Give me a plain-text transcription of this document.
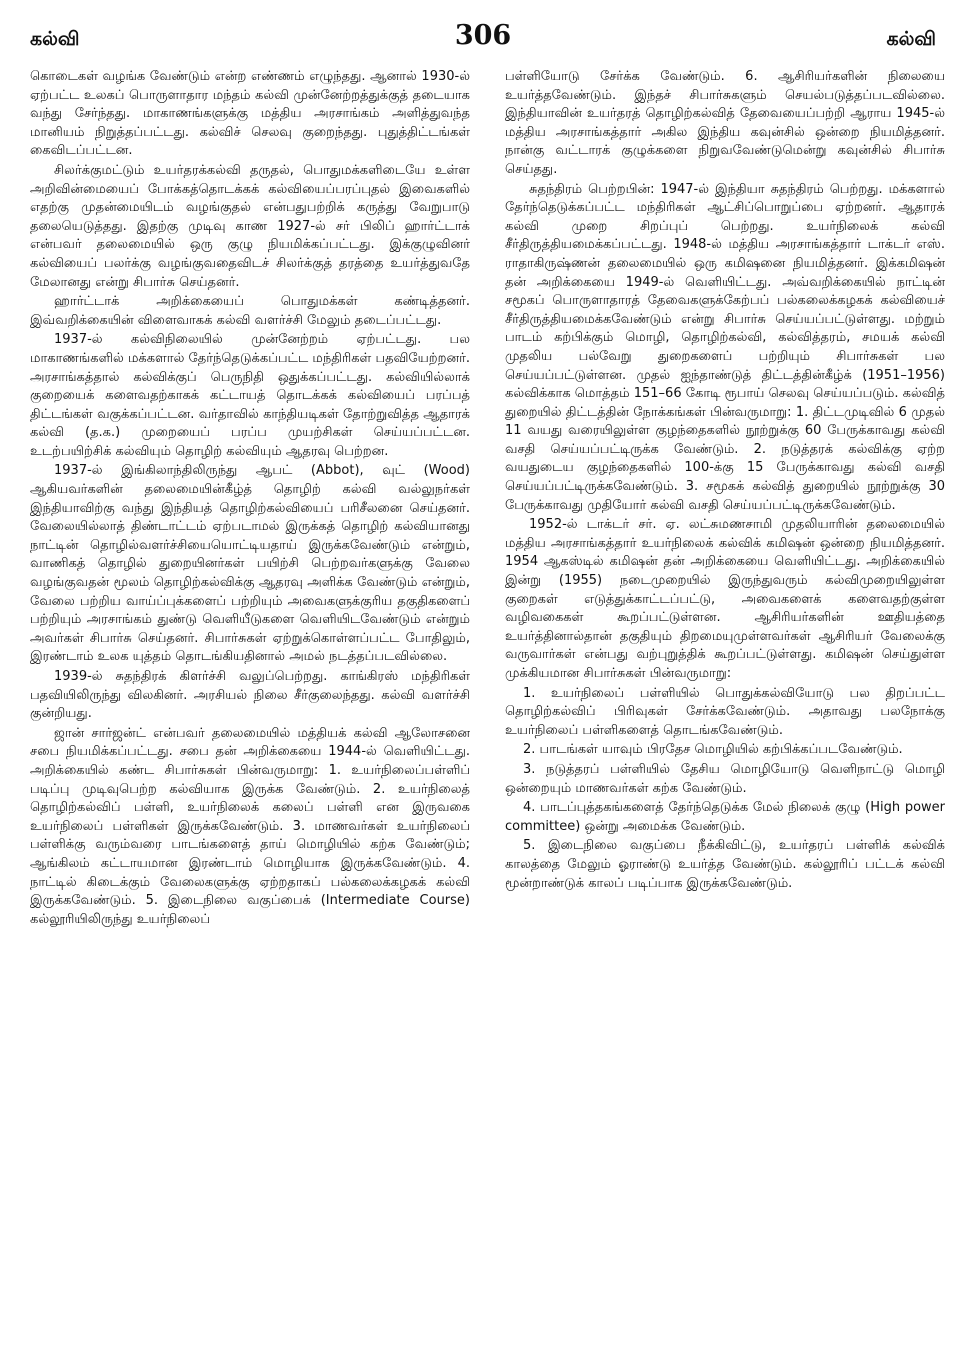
கல்வி	306	கல்வி

கொடைகள் வழங்க வேண்டும் என்ற எண்ணம் எழுந்தது. ஆனால் 1930-ல் ஏற்பட்ட உலகப் பொருளாதார மந்தம் கல்வி முன்னேற்றத்துக்குத் தடையாக வந்து சேர்ந்தது. மாகாணங்களுக்கு மத்திய அரசாங்கம் அளித்துவந்த மானியம் நிறுத்தப்பட்டது. கல்விச் செலவு குறைந்தது. புதுத்திட்டங்கள் கைவிடப்பட்டன.

சிலர்க்குமட்டும் உயர்தரக்கல்வி தருதல், பொதுமக்களிடையே உள்ள அறிவின்மையைப் போக்கத்தொடக்கக் கல்வியைப்பரப்புதல் இவைகளில் எதற்கு முதன்மையிடம் வழங்குதல் என்பதுபற்றிக் கருத்து வேறுபாடு தலையெடுத்தது. இதற்கு முடிவு காண 1927-ல் சர் பிலிப் ஹார்ட்டாக் என்பவர் தலைமையில் ஒரு குழு நியமிக்கப்பட்டது. இக்குழுவினர் கல்வியைப் பலர்க்கு வழங்குவதைவிடச் சிலர்க்குத் தரத்தை உயர்த்துவதே மேலானது என்று சிபார்சு செய்தனர்.

ஹார்ட்டாக் அறிக்கையைப் பொதுமக்கள் கண்டித்தனர். இவ்வறிக்கையின் விளைவாகக் கல்வி வளர்ச்சி மேலும் தடைப்பட்டது.

1937-ல் கல்விநிலையில் முன்னேற்றம் ஏற்பட்டது. பல மாகாணங்களில் மக்களால் தேர்ந்தெடுக்கப்பட்ட மந்திரிகள் பதவியேற்றனர். அரசாங்கத்தால் கல்விக்குப் பெருநிதி ஒதுக்கப்பட்டது. கல்வியில்லாக் குறையைக் களைவதற்காகக் கட்டாயத் தொடக்கக் கல்வியைப் பரப்பத் திட்டங்கள் வகுக்கப்பட்டன. வர்தாவில் காந்தியடிகள் தோற்றுவித்த ஆதாரக் கல்வி (த.க.) முறையைப் பரப்ப முயற்சிகள் செய்யப்பட்டன. உடற்பயிற்சிக் கல்வியும் தொழிற் கல்வியும் ஆதரவு பெற்றன.

1937-ல் இங்கிலாந்திலிருந்து ஆபட் (Abbot), வுட் (Wood) ஆகியவர்களின் தலைமையின்கீழ்த் தொழிற் கல்வி வல்லுநர்கள் இந்தியாவிற்கு வந்து இந்தியத் தொழிற்கல்வியைப் பரிசீலனை செய்தனர். வேலையில்லாத் திண்டாட்டம் ஏற்படாமல் இருக்கத் தொழிற் கல்வியானது நாட்டின் தொழில்வளர்ச்சியையொட்டியதாய் இருக்கவேண்டும் என்றும், வாணிகத் தொழில் துறையினர்கள் பயிற்சி பெற்றவர்களுக்கு வேலை வழங்குவதன் மூலம் தொழிற்கல்விக்கு ஆதரவு அளிக்க வேண்டும் என்றும், வேலை பற்றிய வாய்ப்புக்களைப் பற்றியும் அவைகளுக்குரிய தகுதிகளைப் பற்றியும் அரசாங்கம் துண்டு வெளியீடுகளை வெளியிடவேண்டும் என்றும் அவர்கள் சிபார்சு செய்தனர். சிபார்சுகள் ஏற்றுக்கொள்ளப்பட்ட போதிலும், இரண்டாம் உலக யுத்தம் தொடங்கியதினால் அமல் நடத்தப்படவில்லை.

1939-ல் சுதந்திரக் கிளர்ச்சி வலுப்பெற்றது. காங்கிரஸ் மந்திரிகள் பதவியிலிருந்து விலகினர். அரசியல் நிலை சீர்குலைந்தது. கல்வி வளர்ச்சி குன்றியது.

ஜான் சார்ஜன்ட் என்பவர் தலைமையில் மத்தியக் கல்வி ஆலோசனை சபை நியமிக்கப்பட்டது. சபை தன் அறிக்கையை 1944-ல் வெளியிட்டது. அறிக்கையில் கண்ட சிபார்சுகள் பின்வருமாறு: 1. உயர்நிலைப்பள்ளிப் படிப்பு முடிவுபெற்ற கல்வியாக இருக்க வேண்டும். 2. உயர்நிலைத் தொழிற்கல்விப் பள்ளி, உயர்நிலைக் கலைப் பள்ளி என இருவகை உயர்நிலைப் பள்ளிகள் இருக்கவேண்டும். 3. மாணவர்கள் உயர்நிலைப் பள்ளிக்கு வரும்வரை பாடங்களைத் தாய் மொழியில் கற்க வேண்டும்; ஆங்கிலம் கட்டாயமான இரண்டாம் மொழியாக இருக்கவேண்டும். 4. நாட்டில் கிடைக்கும் வேலைகளுக்கு ஏற்றதாகப் பல்கலைக்கழகக் கல்வி இருக்கவேண்டும். 5. இடைநிலை வகுப்பைக் (Intermediate Course) கல்லூரியிலிருந்து உயர்நிலைப்

பள்ளியோடு சேர்க்க வேண்டும். 6. ஆசிரியர்களின் நிலையை உயர்த்தவேண்டும். இந்தச் சிபார்சுகளும் செயல்படுத்தப்படவில்லை. இந்தியாவின் உயர்தரத் தொழிற்கல்வித் தேவையைப்பற்றி ஆராய 1945-ல் மத்திய அரசாங்கத்தார் அகில இந்திய கவுன்சில் ஒன்றை நியமித்தனர். நான்கு வட்டாரக் குழுக்களை நிறுவவேண்டுமென்று கவுன்சில் சிபார்சு செய்தது.

சுதந்திரம் பெற்றபின்: 1947-ல் இந்தியா சுதந்திரம் பெற்றது. மக்களால் தேர்ந்தெடுக்கப்பட்ட மந்திரிகள் ஆட்சிப்பொறுப்பை ஏற்றனர். ஆதாரக் கல்வி முறை சிறப்புப் பெற்றது. உயர்நிலைக் கல்வி சீர்திருத்தியமைக்கப்பட்டது. 1948-ல் மத்திய அரசாங்கத்தார் டாக்டர் எஸ். ராதாகிருஷ்ணன் தலைமையில் ஒரு கமிஷனை நியமித்தனர். இக்கமிஷன் தன் அறிக்கையை 1949-ல் வெளியிட்டது. அவ்வறிக்கையில் நாட்டின் சமூகப் பொருளாதாரத் தேவைகளுக்கேற்பப் பல்கலைக்கழகக் கல்வியைச் சீர்திருத்தியமைக்கவேண்டும் என்று சிபார்சு செய்யப்பட்டுள்ளது. மற்றும் பாடம் கற்பிக்கும் மொழி, தொழிற்கல்வி, கல்வித்தரம், சமயக் கல்வி முதலிய பல்வேறு துறைகளைப் பற்றியும் சிபார்சுகள் பல செய்யப்பட்டுள்ளன. முதல் ஐந்தாண்டுத் திட்டத்தின்கீழ்க் (1951–1956) கல்விக்காக மொத்தம் 151–66 கோடி ரூபாய் செலவு செய்யப்படும். கல்வித் துறையில் திட்டத்தின் நோக்கங்கள் பின்வருமாறு: 1. திட்டமுடிவில் 6 முதல் 11 வயது வரையிலுள்ள குழந்தைகளில் நூற்றுக்கு 60 பேருக்காவது கல்வி வசதி செய்யப்பட்டிருக்க வேண்டும். 2. நடுத்தரக் கல்விக்கு ஏற்ற வயதுடைய குழந்தைகளில் 100-க்கு 15 பேருக்காவது கல்வி வசதி செய்யப்பட்டிருக்கவேண்டும். 3. சமூகக் கல்வித் துறையில் நூற்றுக்கு 30 பேருக்காவது முதியோர் கல்வி வசதி செய்யப்பட்டிருக்கவேண்டும்.

1952-ல் டாக்டர் சர். ஏ. லட்சுமணசாமி முதலியாரின் தலைமையில் மத்திய அரசாங்கத்தார் உயர்நிலைக் கல்விக் கமிஷன் ஒன்றை நியமித்தனர். 1954 ஆகஸ்டில் கமிஷன் தன் அறிக்கையை வெளியிட்டது. அறிக்கையில் இன்று (1955) நடைமுறையில் இருந்துவரும் கல்விமுறையிலுள்ள குறைகள் எடுத்துக்காட்டப்பட்டு, அவைகளைக் களைவதற்குள்ள வழிவகைகள் கூறப்பட்டுள்ளன. ஆசிரியர்களின் ஊதியத்தை உயர்த்தினால்தான் தகுதியும் திறமையுமுள்ளவர்கள் ஆசிரியர் வேலைக்கு வருவார்கள் என்பது வற்புறுத்திக் கூறப்பட்டுள்ளது. கமிஷன் செய்துள்ள முக்கியமான சிபார்சுகள் பின்வருமாறு:

1. உயர்நிலைப் பள்ளியில் பொதுக்கல்வியோடு பல திறப்பட்ட தொழிற்கல்விப் பிரிவுகள் சேர்க்கவேண்டும். அதாவது பலநோக்கு உயர்நிலைப் பள்ளிகளைத் தொடங்கவேண்டும்.

2. பாடங்கள் யாவும் பிரதேச மொழியில் கற்பிக்கப்படவேண்டும்.

3. நடுத்தரப் பள்ளியில் தேசிய மொழியோடு வெளிநாட்டு மொழி ஒன்றையும் மாணவர்கள் கற்க வேண்டும்.

4. பாடப்புத்தகங்களைத் தேர்ந்தெடுக்க மேல் நிலைக் குழு (High power committee) ஒன்று அமைக்க வேண்டும்.

5. இடைநிலை வகுப்பை நீக்கிவிட்டு, உயர்தரப் பள்ளிக் கல்விக் காலத்தை மேலும் ஓராண்டு உயர்த்த வேண்டும். கல்லூரிப் பட்டக் கல்வி மூன்றாண்டுக் காலப் படிப்பாக இருக்கவேண்டும்.
